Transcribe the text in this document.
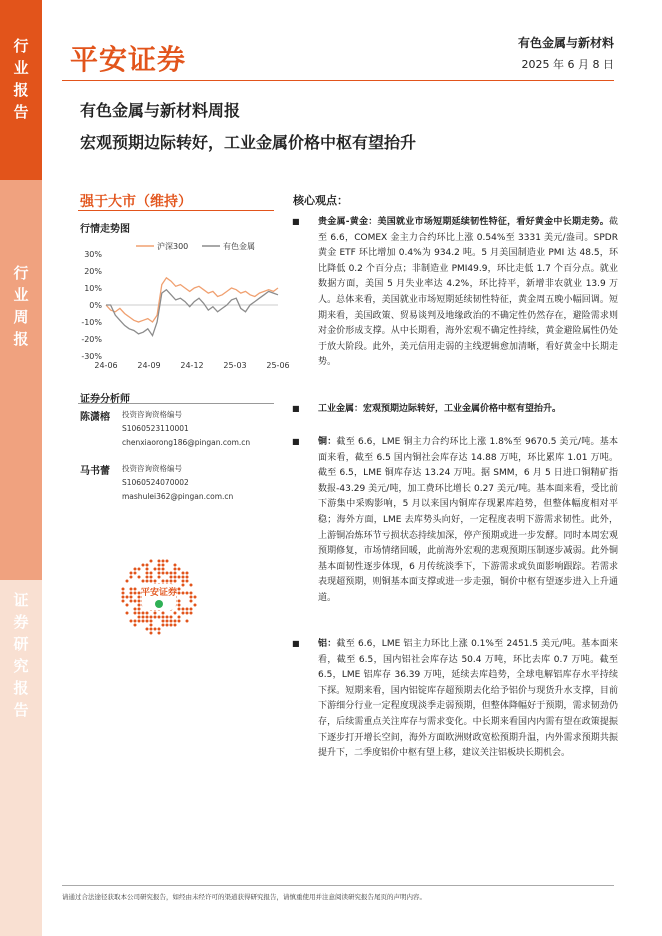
行业报告
行业周报
证券研究报告
平安证券	有色金属与新材料
2025 年 6 月 8 日
有色金属与新材料周报
宏观预期边际转好，工业金属价格中枢有望抬升
强于大市（维持）
行情走势图
30%
20%
10%
0%
-10%
-20%
-30%
24-06 24-09 24-12 25-03 25-06
沪深300	有色金属
证券分析师
陈潇榕	投资咨询资格编号
S1060523110001
chenxiaorong186@pingan.com.cn
马书蕾	投资咨询资格编号
S1060524070002
mashulei362@pingan.com.cn
平安证券
核心观点：
■ 贵金属-黄金：美国就业市场短期延续韧性特征，看好黄金中长期走势。截至 6.6，COMEX 金主力合约环比上涨 0.54%至 3331 美元/盎司。SPDR 黄金 ETF 环比增加 0.4%为 934.2 吨。5 月美国制造业 PMI 达 48.5，环比降低 0.2 个百分点；非制造业 PMI49.9，环比走低 1.7 个百分点。就业数据方面，美国 5 月失业率达 4.2%，环比持平，新增非农就业 13.9 万人。总体来看，美国就业市场短期延续韧性特征，黄金周五晚小幅回调。短期来看，美国政策、贸易谈判及地缘政治的不确定性仍然存在，避险需求则对金价形成支撑。从中长期看，海外宏观不确定性持续，黄金避险属性仍处于放大阶段。此外，美元信用走弱的主线逻辑愈加清晰，看好黄金中长期走势。
■ 工业金属：宏观预期边际转好，工业金属价格中枢有望抬升。
■ 铜：截至 6.6，LME 铜主力合约环比上涨 1.8%至 9670.5 美元/吨。基本面来看，截至 6.5 国内铜社会库存达 14.88 万吨，环比累库 1.01 万吨。截至 6.5，LME 铜库存达 13.24 万吨。据 SMM，6 月 5 日进口铜精矿指数报-43.29 美元/吨，加工费环比增长 0.27 美元/吨。基本面来看，受比前下游集中采购影响，5 月以来国内铜库存现累库趋势，但整体幅度相对平稳；海外方面，LME 去库势头向好，一定程度表明下游需求韧性。此外，上游铜冶炼环节亏损状态持续加深，停产预期或进一步发酵。同时本周宏观预期修复，市场情绪回暖，此前海外宏观的悲观预期压制逐步减弱。此外铜基本面韧性逐步体现，6 月传统淡季下，下游需求或负面影响跟踪。若需求表现超预期，则铜基本面支撑或进一步走强，铜价中枢有望逐步进入上升通道。
■ 铝：截至 6.6，LME 铝主力环比上涨 0.1%至 2451.5 美元/吨。基本面来看，截至 6.5，国内铝社会库存达 50.4 万吨，环比去库 0.7 万吨。截至 6.5，LME 铝库存 36.39 万吨，延续去库趋势，全球电解铝库存水平持续下探。短期来看，国内铝锭库存超预期去化给予铝价与现货升水支撑，目前下游细分行业一定程度现淡季走弱预期，但整体降幅好于预期，需求韧劲仍存，后续需重点关注库存与需求变化。中长期来看国内内需有望在政策提振下逐步打开增长空间，海外方面欧洲财政宽松预期升温，内外需求预期共振提升下，二季度铝价中枢有望上移，建议关注铝板块长期机会。
请通过合法途径获取本公司研究报告，如经由未经许可的渠道获得研究报告，请慎重使用并注意阅读研究报告尾页的声明内容。
